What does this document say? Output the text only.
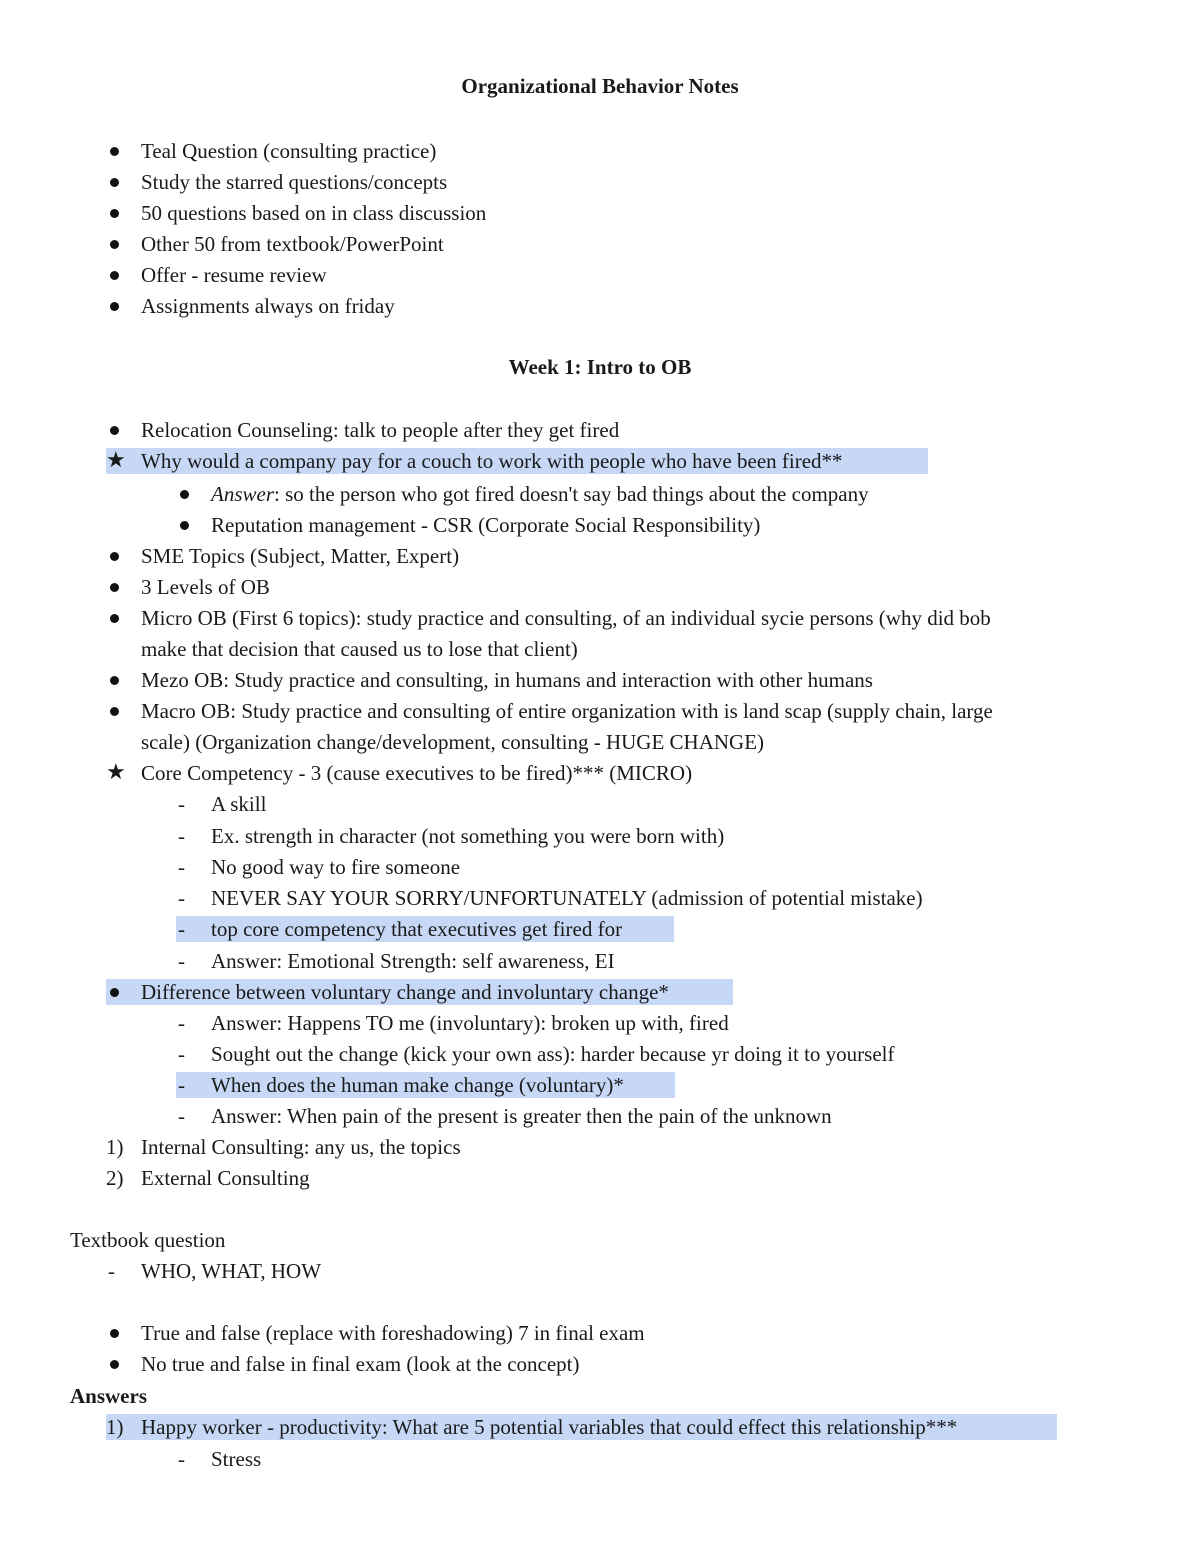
Organizational Behavior Notes
Teal Question (consulting practice)
Study the starred questions/concepts
50 questions based on in class discussion
Other 50 from textbook/PowerPoint
Offer - resume review
Assignments always on friday
Week 1: Intro to OB
Relocation Counseling: talk to people after they get fired
★ Why would a company pay for a couch to work with people who have been fired**
Answer: so the person who got fired doesn't say bad things about the company
Reputation management - CSR (Corporate Social Responsibility)
SME Topics (Subject, Matter, Expert)
3 Levels of OB
Micro OB (First 6 topics): study practice and consulting, of an individual sycie persons (why did bob
make that decision that caused us to lose that client)
Mezo OB: Study practice and consulting, in humans and interaction with other humans
Macro OB: Study practice and consulting of entire organization with is land scap (supply chain, large
scale) (Organization change/development, consulting - HUGE CHANGE)
★ Core Competency - 3 (cause executives to be fired)*** (MICRO)
- A skill
- Ex. strength in character (not something you were born with)
- No good way to fire someone
- NEVER SAY YOUR SORRY/UNFORTUNATELY (admission of potential mistake)
- top core competency that executives get fired for
- Answer: Emotional Strength: self awareness, EI
Difference between voluntary change and involuntary change*
- Answer: Happens TO me (involuntary): broken up with, fired
- Sought out the change (kick your own ass): harder because yr doing it to yourself
- When does the human make change (voluntary)*
- Answer: When pain of the present is greater then the pain of the unknown
1) Internal Consulting: any us, the topics
2) External Consulting
Textbook question
- WHO, WHAT, HOW
True and false (replace with foreshadowing) 7 in final exam
No true and false in final exam (look at the concept)
Answers
1) Happy worker - productivity: What are 5 potential variables that could effect this relationship***
- Stress
